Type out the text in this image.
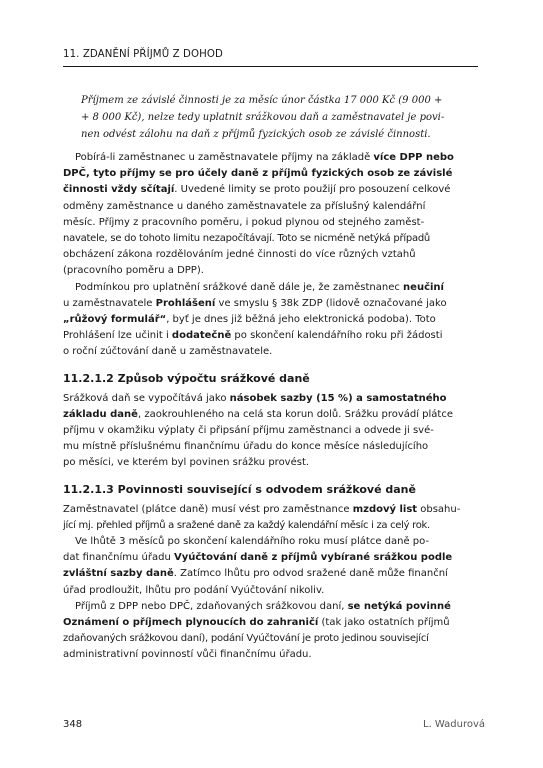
11. ZDANĚNÍ PŘÍJMŮ Z DOHOD
Příjmem ze závislé činnosti je za měsíc únor částka 17 000 Kč (9 000 +
+ 8 000 Kč), nelze tedy uplatnit srážkovou daň a zaměstnavatel je povi-
nen odvést zálohu na daň z příjmů fyzických osob ze závislé činnosti.
Pobírá-li zaměstnanec u zaměstnavatele příjmy na základě více DPP nebo
DPČ, tyto příjmy se pro účely daně z příjmů fyzických osob ze závislé
činnosti vždy sčítají. Uvedené limity se proto použijí pro posouzení celkové
odměny zaměstnance u daného zaměstnavatele za příslušný kalendářní
měsíc. Příjmy z pracovního poměru, i pokud plynou od stejného zaměst-
navatele, se do tohoto limitu nezapočítávají. Toto se nicméně netýká případů
obcházení zákona rozdělováním jedné činnosti do více různých vztahů
(pracovního poměru a DPP).
Podmínkou pro uplatnění srážkové daně dále je, že zaměstnanec neučiní
u zaměstnavatele Prohlášení ve smyslu § 38k ZDP (lidově označované jako
„růžový formulář“, byť je dnes již běžná jeho elektronická podoba). Toto
Prohlášení lze učinit i dodatečně po skončení kalendářního roku při žádosti
o roční zúčtování daně u zaměstnavatele.
11.2.1.2 Způsob výpočtu srážkové daně
Srážková daň se vypočítává jako násobek sazby (15 %) a samostatného
základu daně, zaokrouhleného na celá sta korun dolů. Srážku provádí plátce
příjmu v okamžiku výplaty či připsání příjmu zaměstnanci a odvede ji své-
mu místně příslušnému finančnímu úřadu do konce měsíce následujícího
po měsíci, ve kterém byl povinen srážku provést.
11.2.1.3 Povinnosti související s odvodem srážkové daně
Zaměstnavatel (plátce daně) musí vést pro zaměstnance mzdový list obsahu-
jící mj. přehled příjmů a sražené daně za každý kalendářní měsíc i za celý rok.
Ve lhůtě 3 měsíců po skončení kalendářního roku musí plátce daně po-
dat finančnímu úřadu Vyúčtování daně z příjmů vybírané srážkou podle
zvláštní sazby daně. Zatímco lhůtu pro odvod sražené daně může finanční
úřad prodloužit, lhůtu pro podání Vyúčtování nikoliv.
Příjmů z DPP nebo DPČ, zdaňovaných srážkovou daní, se netýká povinné
Oznámení o příjmech plynoucích do zahraničí (tak jako ostatních příjmů
zdaňovaných srážkovou daní), podání Vyúčtování je proto jedinou související
administrativní povinností vůči finančnímu úřadu.
348	L. Wadurová
